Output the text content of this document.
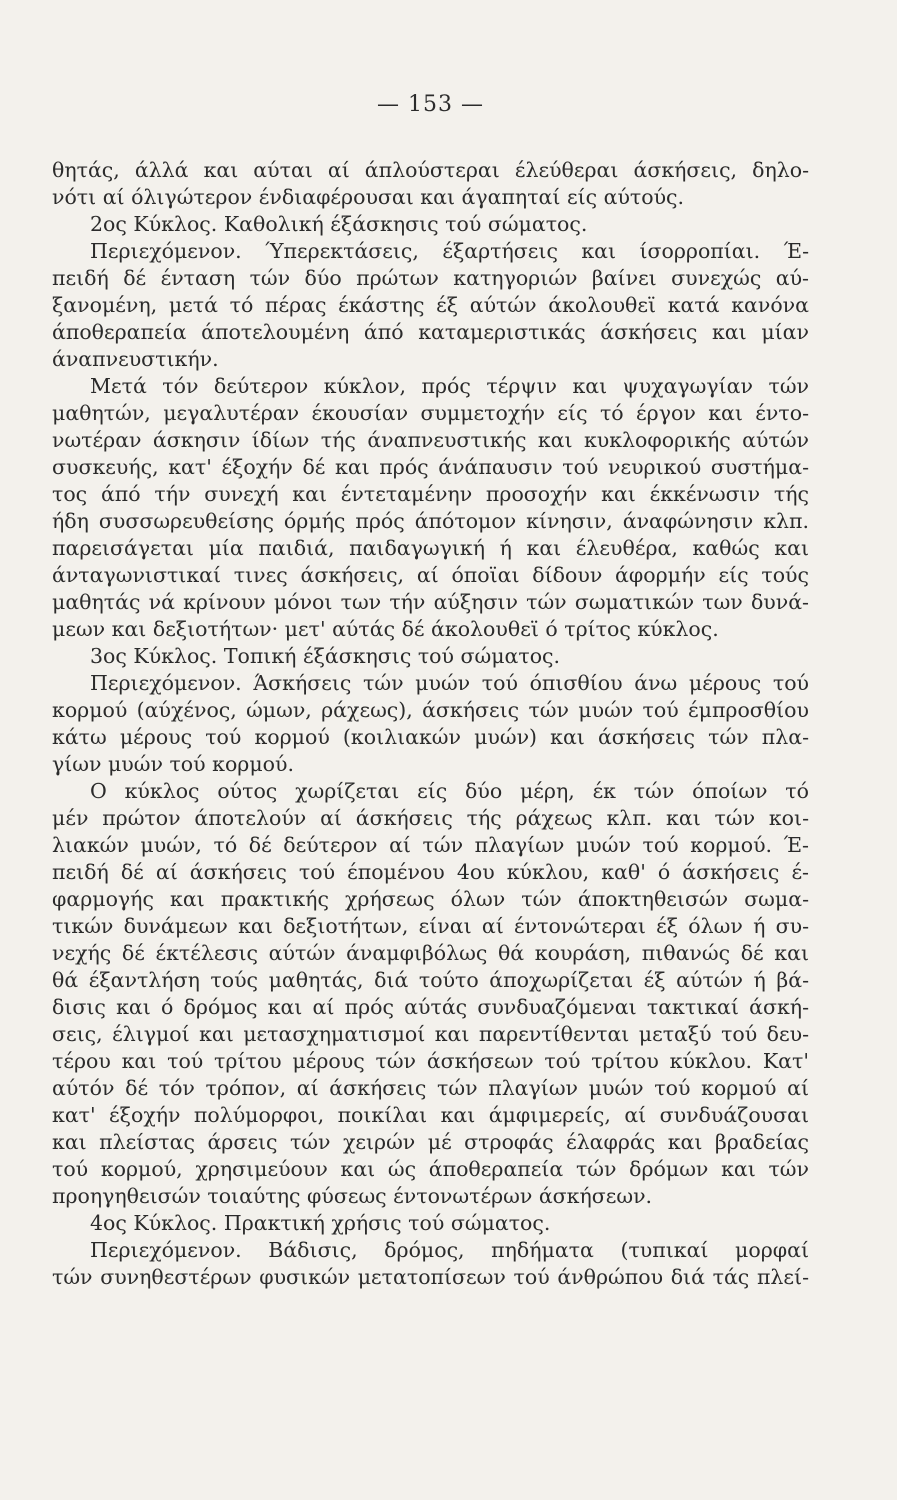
— 153 —
θητάς, άλλά και αύται αί άπλούστεραι έλεύθεραι άσκήσεις, δηλο-
νότι αί όλιγώτερον ένδιαφέρουσαι και άγαπηταί είς αύτούς.
2ος Κύκλος. Καθολική έξάσκησις τού σώματος.
Περιεχόμενον. Ύπερεκτάσεις, έξαρτήσεις και ίσορροπίαι. Έ-
πειδή δέ ένταση τών δύο πρώτων κατηγοριών βαίνει συνεχώς αύ-
ξανομένη, μετά τό πέρας έκάστης έξ αύτών άκολουθεϊ κατά κανόνα
άποθεραπεία άποτελουμένη άπό καταμεριστικάς άσκήσεις και μίαν
άναπνευστικήν.
Μετά τόν δεύτερον κύκλον, πρός τέρψιν και ψυχαγωγίαν τών
μαθητών, μεγαλυτέραν έκουσίαν συμμετοχήν είς τό έργον και έντο-
νωτέραν άσκησιν ίδίων τής άναπνευστικής και κυκλοφορικής αύτών
συσκευής, κατ' έξοχήν δέ και πρός άνάπαυσιν τού νευρικού συστήμα-
τος άπό τήν συνεχή και έντεταμένην προσοχήν και έκκένωσιν τής
ήδη συσσωρευθείσης όρμής πρός άπότομον κίνησιν, άναφώνησιν κλπ.
παρεισάγεται μία παιδιά, παιδαγωγική ή και έλευθέρα, καθώς και
άνταγωνιστικαί τινες άσκήσεις, αί όποϊαι δίδουν άφορμήν είς τούς
μαθητάς νά κρίνουν μόνοι των τήν αύξησιν τών σωματικών των δυνά-
μεων και δεξιοτήτων· μετ' αύτάς δέ άκολουθεϊ ό τρίτος κύκλος.
3ος Κύκλος. Τοπική έξάσκησις τού σώματος.
Περιεχόμενον. Άσκήσεις τών μυών τού όπισθίου άνω μέρους τού
κορμού (αύχένος, ώμων, ράχεως), άσκήσεις τών μυών τού έμπροσθίου
κάτω μέρους τού κορμού (κοιλιακών μυών) και άσκήσεις τών πλα-
γίων μυών τού κορμού.
Ο κύκλος ούτος χωρίζεται είς δύο μέρη, έκ τών όποίων τό
μέν πρώτον άποτελούν αί άσκήσεις τής ράχεως κλπ. και τών κοι-
λιακών μυών, τό δέ δεύτερον αί τών πλαγίων μυών τού κορμού. Έ-
πειδή δέ αί άσκήσεις τού έπομένου 4ου κύκλου, καθ' ό άσκήσεις έ-
φαρμογής και πρακτικής χρήσεως όλων τών άποκτηθεισών σωμα-
τικών δυνάμεων και δεξιοτήτων, είναι αί έντονώτεραι έξ όλων ή συ-
νεχής δέ έκτέλεσις αύτών άναμφιβόλως θά κουράση, πιθανώς δέ και
θά έξαντλήση τούς μαθητάς, διά τούτο άποχωρίζεται έξ αύτών ή βά-
δισις και ό δρόμος και αί πρός αύτάς συνδυαζόμεναι τακτικαί άσκή-
σεις, έλιγμοί και μετασχηματισμοί και παρεντίθενται μεταξύ τού δευ-
τέρου και τού τρίτου μέρους τών άσκήσεων τού τρίτου κύκλου. Κατ'
αύτόν δέ τόν τρόπον, αί άσκήσεις τών πλαγίων μυών τού κορμού αί
κατ' έξοχήν πολύμορφοι, ποικίλαι και άμφιμερείς, αί συνδυάζουσαι
και πλείστας άρσεις τών χειρών μέ στροφάς έλαφράς και βραδείας
τού κορμού, χρησιμεύουν και ώς άποθεραπεία τών δρόμων και τών
προηγηθεισών τοιαύτης φύσεως έντονωτέρων άσκήσεων.
4ος Κύκλος. Πρακτική χρήσις τού σώματος.
Περιεχόμενον. Βάδισις, δρόμος, πηδήματα (τυπικαί μορφαί
τών συνηθεστέρων φυσικών μετατοπίσεων τού άνθρώπου διά τάς πλεί-
